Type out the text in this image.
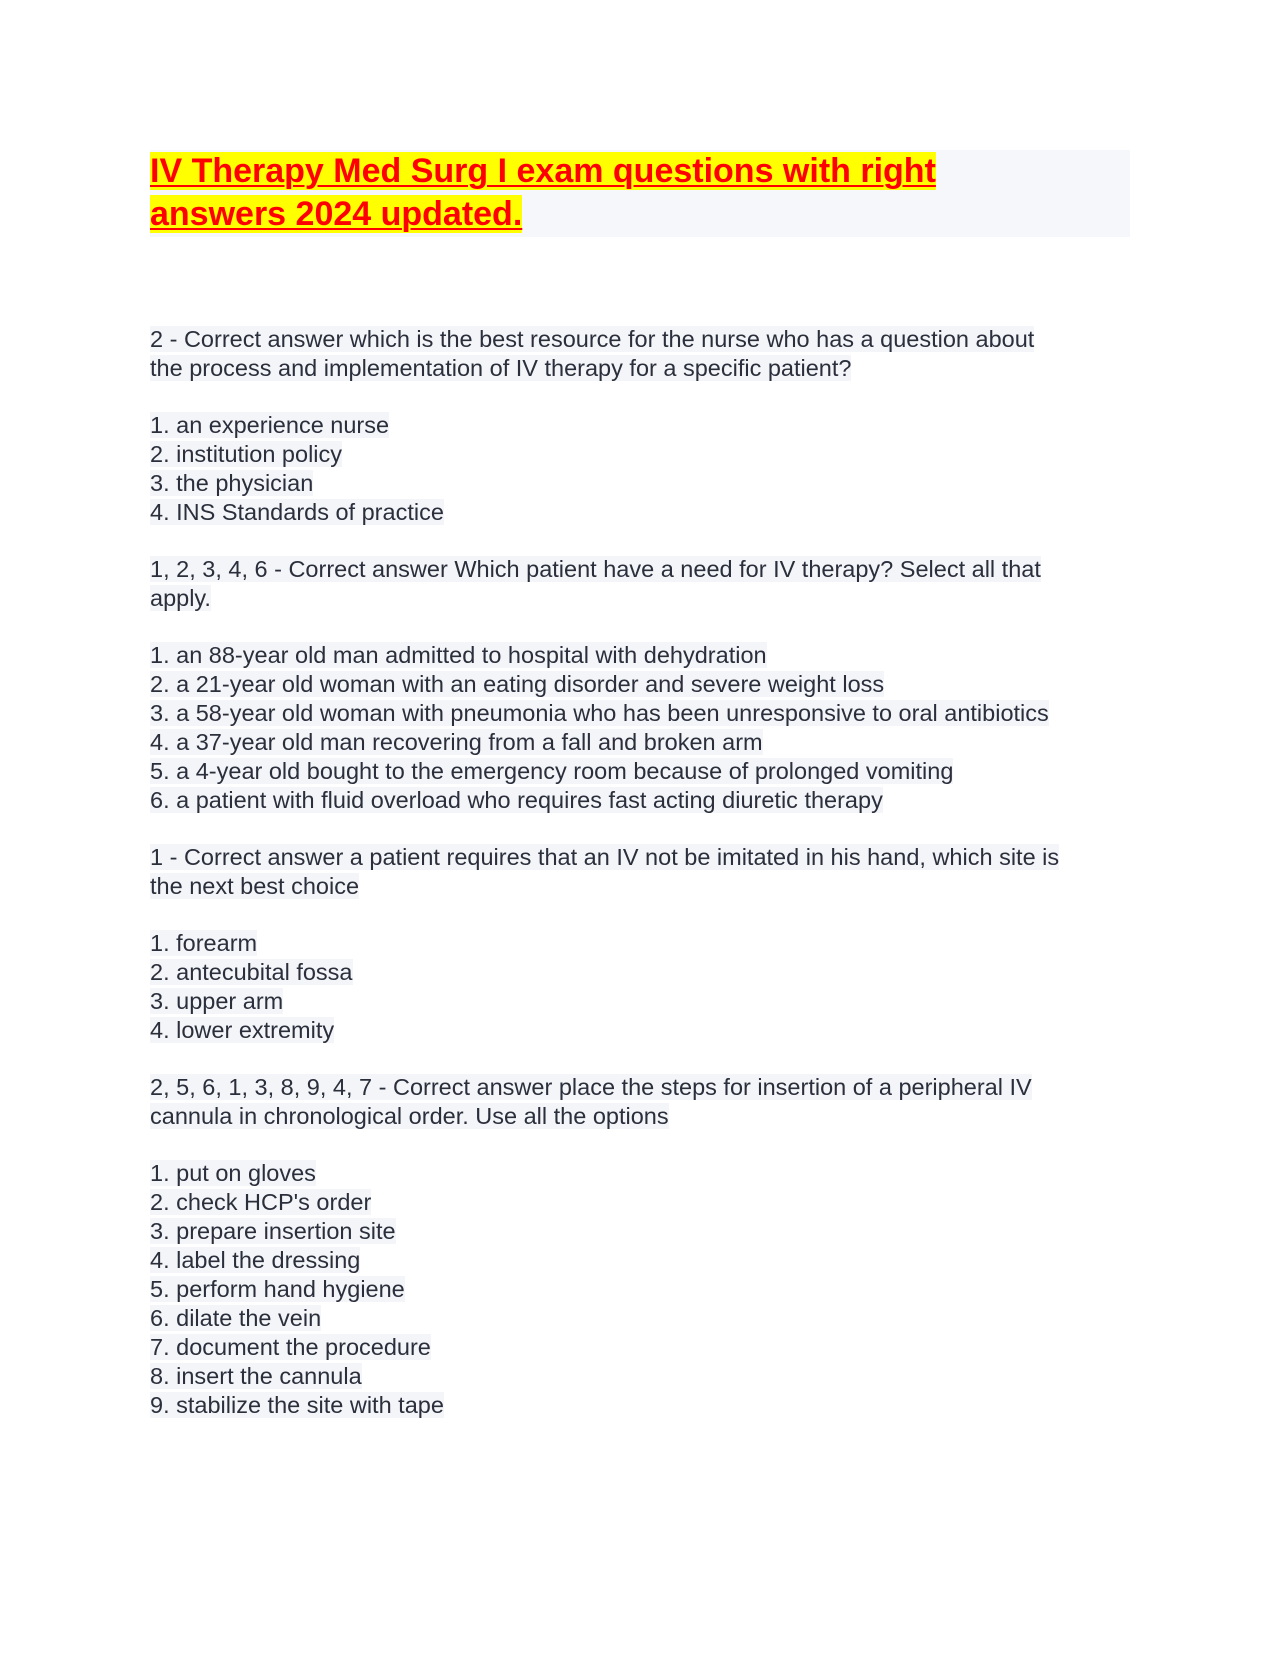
IV Therapy Med Surg I exam questions with right
answers 2024 updated.
2 - Correct answer which is the best resource for the nurse who has a question about
the process and implementation of IV therapy for a specific patient?
1. an experience nurse
2. institution policy
3. the physician
4. INS Standards of practice
1, 2, 3, 4, 6 - Correct answer Which patient have a need for IV therapy? Select all that
apply.
1. an 88-year old man admitted to hospital with dehydration
2. a 21-year old woman with an eating disorder and severe weight loss
3. a 58-year old woman with pneumonia who has been unresponsive to oral antibiotics
4. a 37-year old man recovering from a fall and broken arm
5. a 4-year old bought to the emergency room because of prolonged vomiting
6. a patient with fluid overload who requires fast acting diuretic therapy
1 - Correct answer a patient requires that an IV not be imitated in his hand, which site is
the next best choice
1. forearm
2. antecubital fossa
3. upper arm
4. lower extremity
2, 5, 6, 1, 3, 8, 9, 4, 7 - Correct answer place the steps for insertion of a peripheral IV
cannula in chronological order. Use all the options
1. put on gloves
2. check HCP's order
3. prepare insertion site
4. label the dressing
5. perform hand hygiene
6. dilate the vein
7. document the procedure
8. insert the cannula
9. stabilize the site with tape
